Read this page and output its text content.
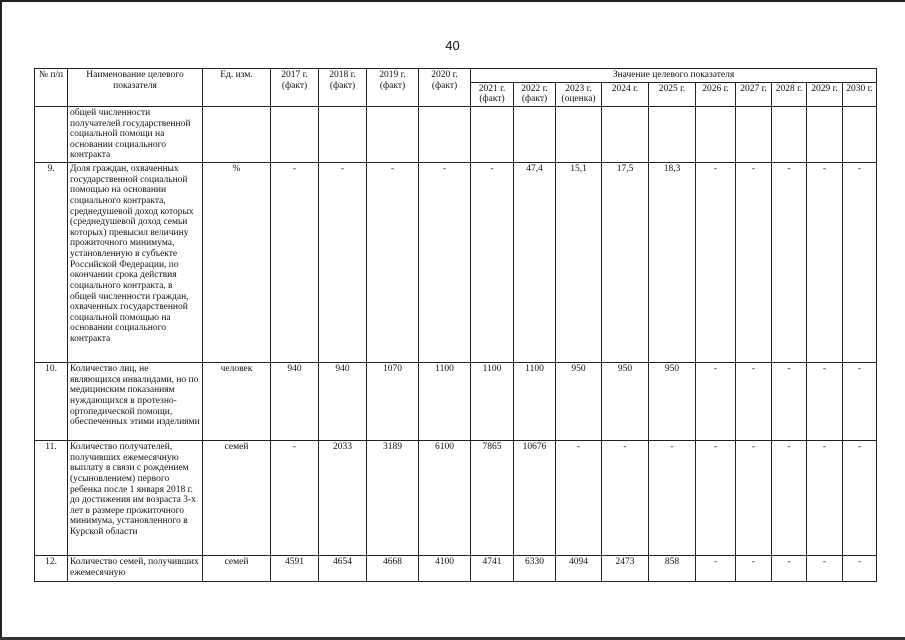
40
№ п/п	Наименование целевого показателя	Ед. изм.	2017 г. (факт)	2018 г. (факт)	2019 г. (факт)	2020 г. (факт)	Значение целевого показателя									
							2021 г. (факт)	2022 г. (факт)	2023 г. (оценка)	2024 г.	2025 г.	2026 г.	2027 г.	2028 г.	2029 г.	2030 г.
	общей численности получателей государственной социальной помощи на основании социального контракта															
9.	Доля граждан, охваченных государственной социальной помощью на основании социального контракта, среднедушевой доход которых (среднедушевой доход семьи которых) превысил величину прожиточного минимума, установленную в субъекте Российской Федерации, по окончании срока действия социального контракта, в общей численности граждан, охваченных государственной социальной помощью на основании социального контракта	%	-	-	-	-	-	47,4	15,1	17,5	18,3	-	-	-	-	-
10.	Количество лиц, не являющихся инвалидами, но по медицинским показаниям нуждающихся в протезно-ортопедической помощи, обеспеченных этими изделиями	человек	940	940	1070	1100	1100	1100	950	950	950	-	-	-	-	-
11.	Количество получателей, получивших ежемесячную выплату в связи с рождением (усыновлением) первого ребенка после 1 января 2018 г. до достижения им возраста 3-х лет в размере прожиточного минимума, установленного в Курской области	семей	-	2033	3189	6100	7865	10676	-	-	-	-	-	-	-	-
12.	Количество семей, получивших ежемесячную	семей	4591	4654	4668	4100	4741	6330	4094	2473	858	-	-	-	-	-
